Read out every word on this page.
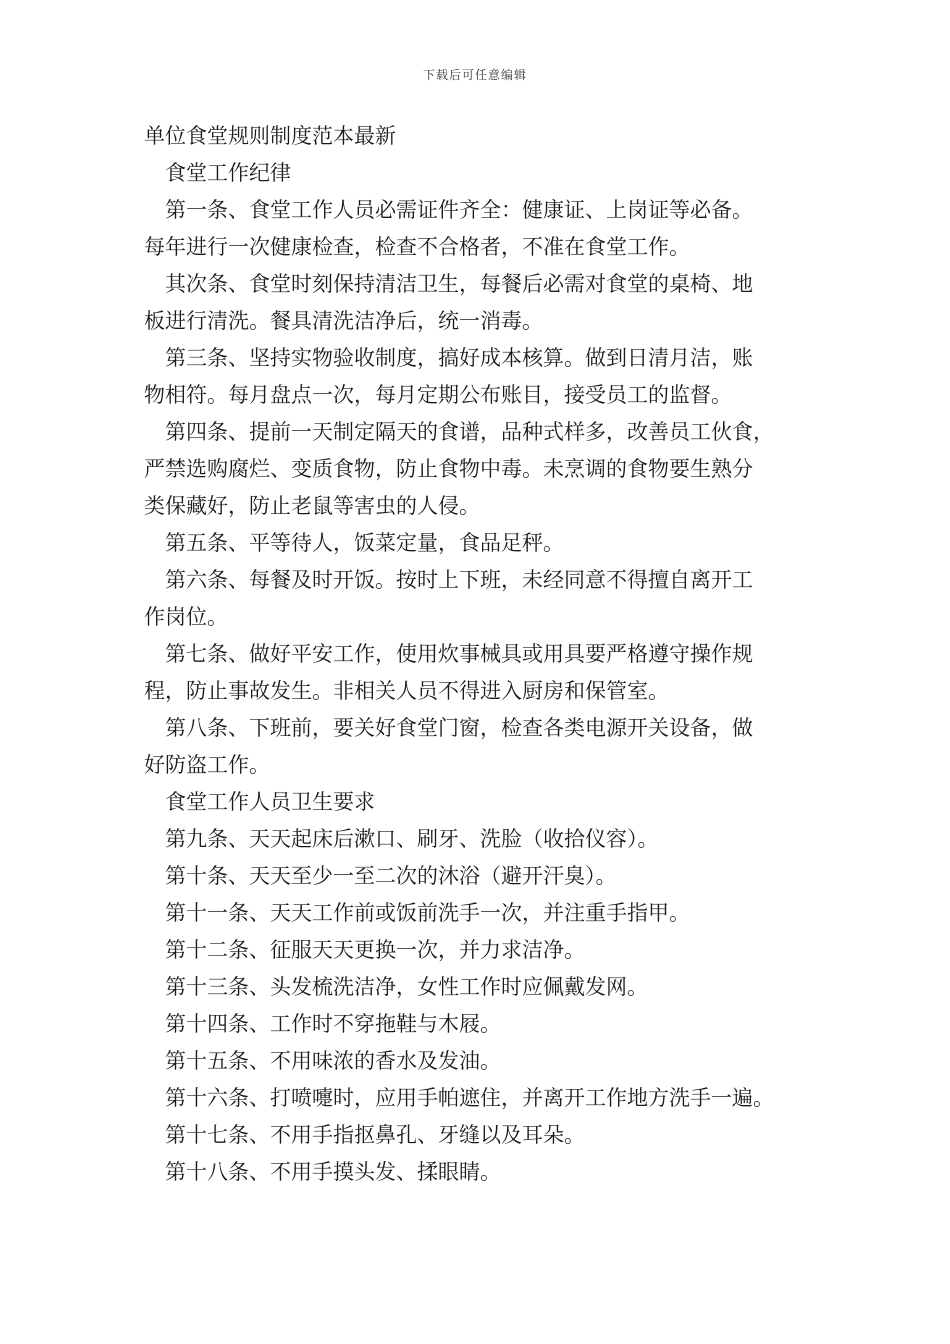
下载后可任意编辑
单位食堂规则制度范本最新
食堂工作纪律

第一条、食堂工作人员必需证件齐全：健康证、上岗证等必备。

每年进行一次健康检查，检查不合格者，不准在食堂工作。

其次条、食堂时刻保持清洁卫生，每餐后必需对食堂的桌椅、地

板进行清洗。餐具清洗洁净后，统一消毒。

第三条、坚持实物验收制度，搞好成本核算。做到日清月洁，账

物相符。每月盘点一次，每月定期公布账目，接受员工的监督。

第四条、提前一天制定隔天的食谱，品种式样多，改善员工伙食，

严禁选购腐烂、变质食物，防止食物中毒。未烹调的食物要生熟分

类保藏好，防止老鼠等害虫的人侵。

第五条、平等待人，饭菜定量，食品足秤。

第六条、每餐及时开饭。按时上下班，未经同意不得擅自离开工

作岗位。

第七条、做好平安工作，使用炊事械具或用具要严格遵守操作规

程，防止事故发生。非相关人员不得进入厨房和保管室。

第八条、下班前，要关好食堂门窗，检查各类电源开关设备，做

好防盗工作。

食堂工作人员卫生要求

第九条、天天起床后漱口、刷牙、洗脸（收拾仪容）。

第十条、天天至少一至二次的沐浴（避开汗臭）。

第十一条、天天工作前或饭前洗手一次，并注重手指甲。

第十二条、征服天天更换一次，并力求洁净。

第十三条、头发梳洗洁净，女性工作时应佩戴发网。

第十四条、工作时不穿拖鞋与木屐。

第十五条、不用味浓的香水及发油。

第十六条、打喷嚏时，应用手帕遮住，并离开工作地方洗手一遍。

第十七条、不用手指抠鼻孔、牙缝以及耳朵。

第十八条、不用手摸头发、揉眼睛。
